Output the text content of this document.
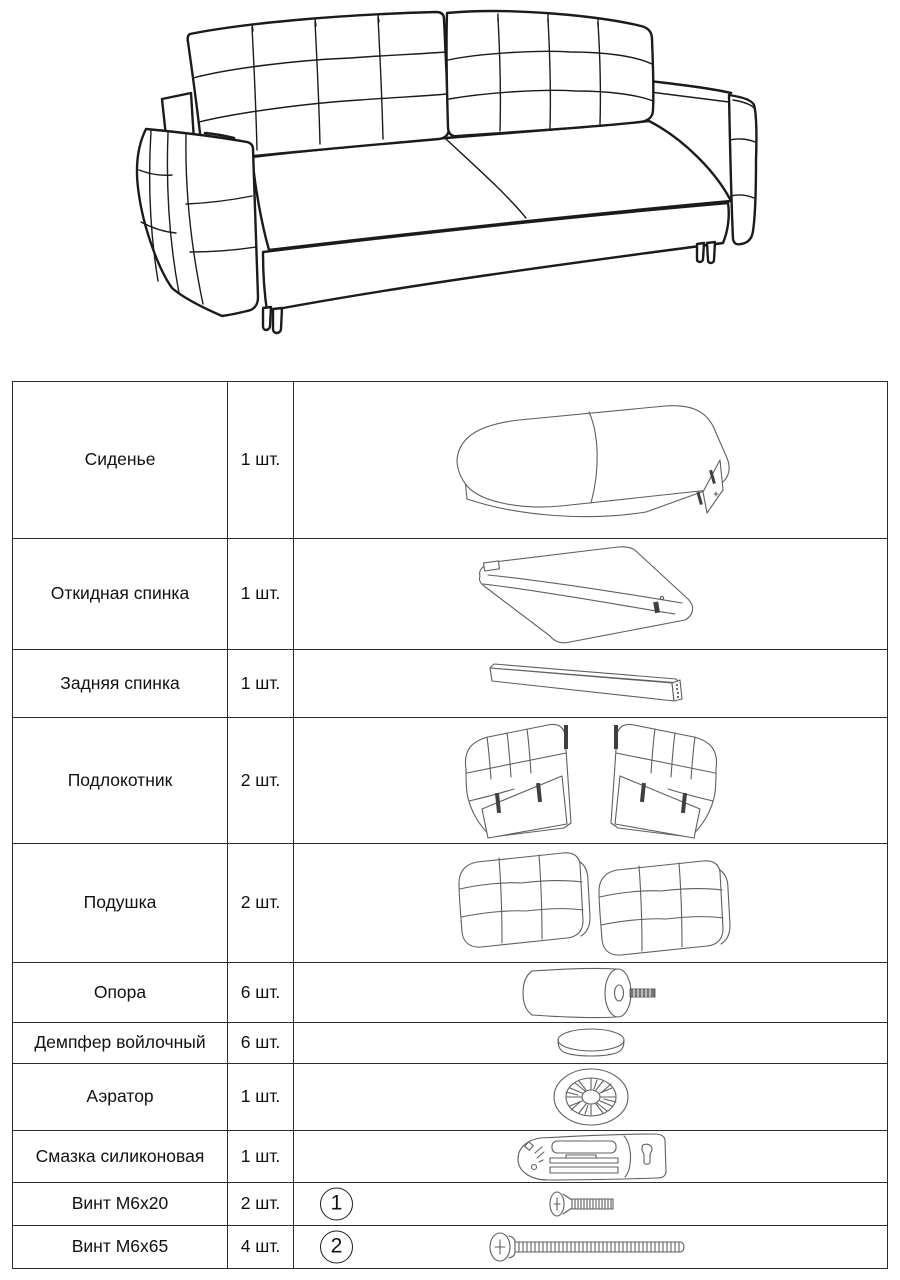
Сиденье	1 шт.
Откидная спинка	1 шт.
Задняя спинка	1 шт.
Подлокотник	2 шт.
Подушка	2 шт.
Опора	6 шт.
Демпфер войлочный 6 шт.
Аэратор	1 шт.
Смазка силиконовая 1 шт.
Винт М6х20	2 шт.	1
Винт М6х65	4 шт.	2
